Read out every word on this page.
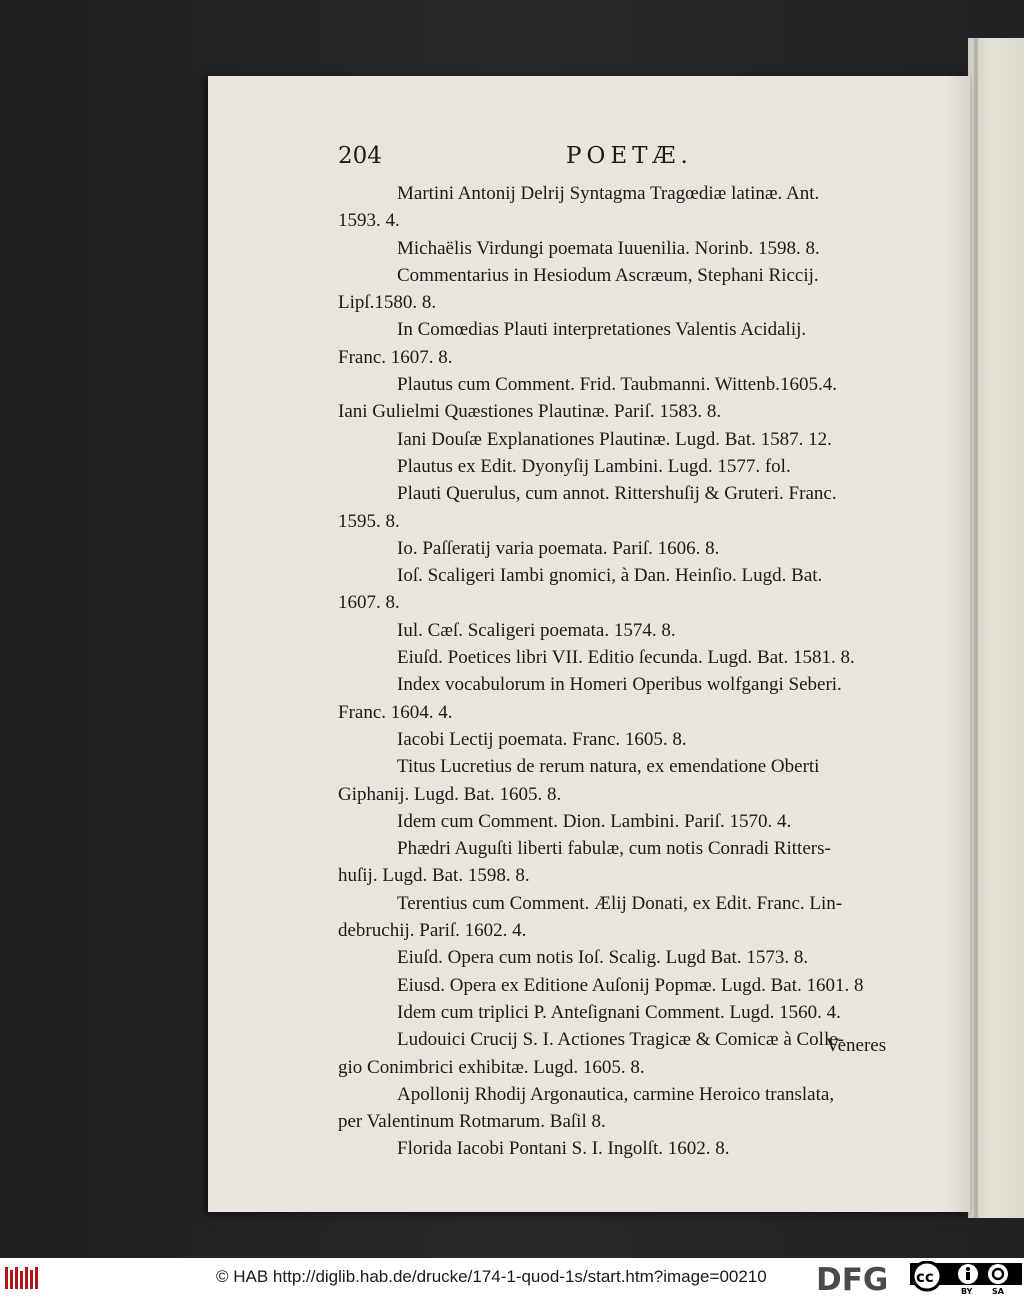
204	POETÆ.
Martini Antonij Delrij Syntagma Tragœdiæ latinæ. Ant.
1593. 4.
Michaëlis Virdungi poemata Iuuenilia. Norinb. 1598. 8.
Commentarius in Hesiodum Ascræum, Stephani Riccij.
Lipſ.1580. 8.
In Comœdias Plauti interpretationes Valentis Acidalij.
Franc. 1607. 8.
Plautus cum Comment. Frid. Taubmanni. Wittenb.1605.4.
Iani Gulielmi Quæstiones Plautinæ. Pariſ. 1583. 8.
Iani Douſæ Explanationes Plautinæ. Lugd. Bat. 1587. 12.
Plautus ex Edit. Dyonyſij Lambini. Lugd. 1577. fol.
Plauti Querulus, cum annot. Rittershuſij & Gruteri. Franc.
1595. 8.
Io. Paſſeratij varia poemata. Pariſ. 1606. 8.
Ioſ. Scaligeri Iambi gnomici, à Dan. Heinſio. Lugd. Bat.
1607. 8.
Iul. Cæſ. Scaligeri poemata. 1574. 8.
Eiuſd. Poetices libri VII. Editio ſecunda. Lugd. Bat. 1581. 8.
Index vocabulorum in Homeri Operibus wolfgangi Seberi.
Franc. 1604. 4.
Iacobi Lectij poemata. Franc. 1605. 8.
Titus Lucretius de rerum natura, ex emendatione Oberti
Giphanij. Lugd. Bat. 1605. 8.
Idem cum Comment. Dion. Lambini. Pariſ. 1570. 4.
Phædri Auguſti liberti fabulæ, cum notis Conradi Ritters-
huſij. Lugd. Bat. 1598. 8.
Terentius cum Comment. Ælij Donati, ex Edit. Franc. Lin-
debruchij. Pariſ. 1602. 4.
Eiuſd. Opera cum notis Ioſ. Scalig. Lugd Bat. 1573. 8.
Eiusd. Opera ex Editione Auſonij Popmæ. Lugd. Bat. 1601. 8
Idem cum triplici P. Anteſignani Comment. Lugd. 1560. 4.
Ludouici Crucij S. I. Actiones Tragicæ & Comicæ à Colle-
gio Conimbrici exhibitæ. Lugd. 1605. 8.
Apollonij Rhodij Argonautica, carmine Heroico translata,
per Valentinum Rotmarum. Baſil 8.
Florida Iacobi Pontani S. I. Ingolſt. 1602. 8.
Veneres
© HAB http://diglib.hab.de/drucke/174-1-quod-1s/start.htm?image=00210 DFG cc
BY SA
